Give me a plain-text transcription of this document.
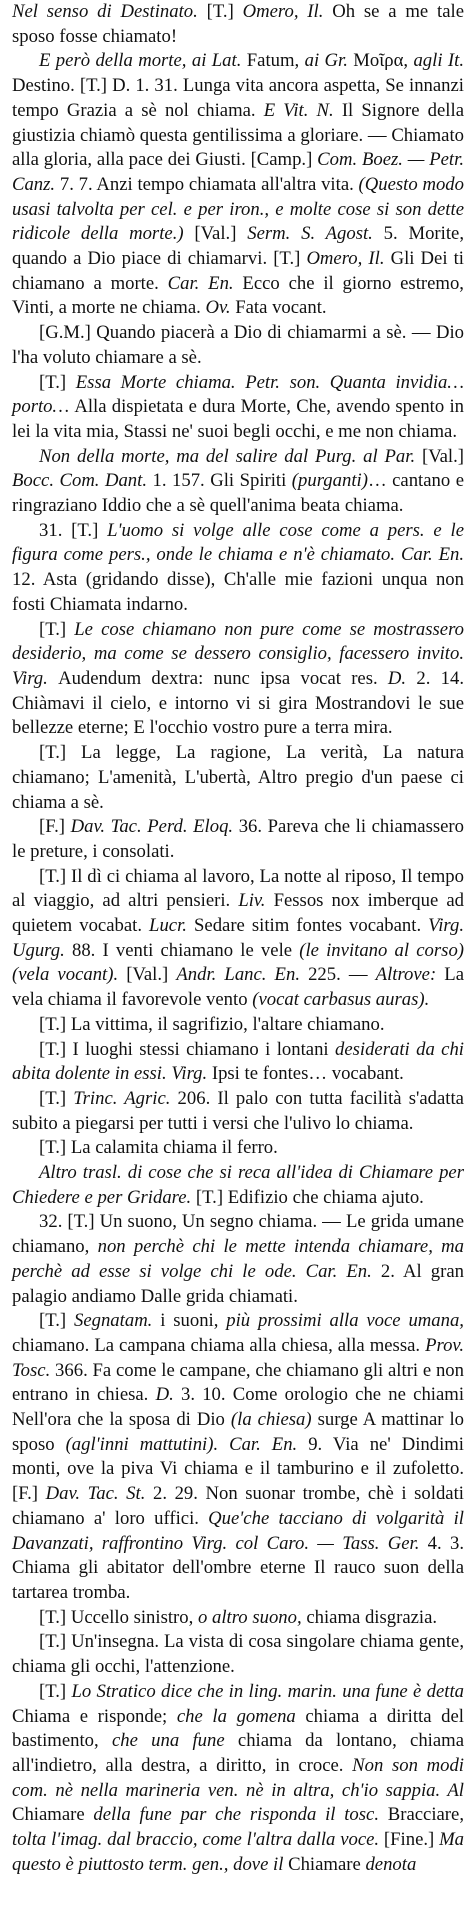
Nel senso di Destinato. [T.] Omero, Il. Oh se a me tale sposo fosse chiamato!

E però della morte, ai Lat. Fatum, ai Gr. Μοῖρα, agli It. Destino. [T.] D. 1. 31. Lunga vita ancora aspetta, Se innanzi tempo Grazia a sè nol chiama. E Vit. N. Il Signore della giustizia chiamò questa gentilissima a gloriare. — Chiamato alla gloria, alla pace dei Giusti. [Camp.] Com. Boez. — Petr. Canz. 7. 7. Anzi tempo chiamata all'altra vita. (Questo modo usasi talvolta per cel. e per iron., e molte cose si son dette ridicole della morte.) [Val.] Serm. S. Agost. 5. Morite, quando a Dio piace di chiamarvi. [T.] Omero, Il. Gli Dei ti chiamano a morte. Car. En. Ecco che il giorno estremo, Vinti, a morte ne chiama. Ov. Fata vocant.

[G.M.] Quando piacerà a Dio di chiamarmi a sè. — Dio l'ha voluto chiamare a sè.

[T.] Essa Morte chiama. Petr. son. Quanta invidia… porto… Alla dispietata e dura Morte, Che, avendo spento in lei la vita mia, Stassi ne' suoi begli occhi, e me non chiama.

Non della morte, ma del salire dal Purg. al Par. [Val.] Bocc. Com. Dant. 1. 157. Gli Spiriti (purganti)… cantano e ringraziano Iddio che a sè quell'anima beata chiama.

31. [T.] L'uomo si volge alle cose come a pers. e le figura come pers., onde le chiama e n'è chiamato. Car. En. 12. Asta (gridando disse), Ch'alle mie fazioni unqua non fosti Chiamata indarno.

[T.] Le cose chiamano non pure come se mostrassero desiderio, ma come se dessero consiglio, facessero invito. Virg. Audendum dextra: nunc ipsa vocat res. D. 2. 14. Chiàmavi il cielo, e intorno vi si gira Mostrandovi le sue bellezze eterne; E l'occhio vostro pure a terra mira.

[T.] La legge, La ragione, La verità, La natura chiamano; L'amenità, L'ubertà, Altro pregio d'un paese ci chiama a sè.

[F.] Dav. Tac. Perd. Eloq. 36. Pareva che li chiamassero le preture, i consolati.

[T.] Il dì ci chiama al lavoro, La notte al riposo, Il tempo al viaggio, ad altri pensieri. Liv. Fessos nox imberque ad quietem vocabat. Lucr. Sedare sitim fontes vocabant. Virg. Ugurg. 88. I venti chiamano le vele (le invitano al corso) (vela vocant). [Val.] Andr. Lanc. En. 225. — Altrove: La vela chiama il favorevole vento (vocat carbasus auras).

[T.] La vittima, il sagrifizio, l'altare chiamano.

[T.] I luoghi stessi chiamano i lontani desiderati da chi abita dolente in essi. Virg. Ipsi te fontes… vocabant.

[T.] Trinc. Agric. 206. Il palo con tutta facilità s'adatta subito a piegarsi per tutti i versi che l'ulivo lo chiama.

[T.] La calamita chiama il ferro.

Altro trasl. di cose che si reca all'idea di Chiamare per Chiedere e per Gridare. [T.] Edifizio che chiama ajuto.

32. [T.] Un suono, Un segno chiama. — Le grida umane chiamano, non perchè chi le mette intenda chiamare, ma perchè ad esse si volge chi le ode. Car. En. 2. Al gran palagio andiamo Dalle grida chiamati.

[T.] Segnatam. i suoni, più prossimi alla voce umana, chiamano. La campana chiama alla chiesa, alla messa. Prov. Tosc. 366. Fa come le campane, che chiamano gli altri e non entrano in chiesa. D. 3. 10. Come orologio che ne chiami Nell'ora che la sposa di Dio (la chiesa) surge A mattinar lo sposo (agl'inni mattutini). Car. En. 9. Via ne' Dindimi monti, ove la piva Vi chiama e il tamburino e il zufoletto. [F.] Dav. Tac. St. 2. 29. Non suonar trombe, chè i soldati chiamano a' loro uffici. Que'che tacciano di volgarità il Davanzati, raffrontino Virg. col Caro. — Tass. Ger. 4. 3. Chiama gli abitator dell'ombre eterne Il rauco suon della tartarea tromba.

[T.] Uccello sinistro, o altro suono, chiama disgrazia.

[T.] Un'insegna. La vista di cosa singolare chiama gente, chiama gli occhi, l'attenzione.

[T.] Lo Stratico dice che in ling. marin. una fune è detta Chiama e risponde; che la gomena chiama a diritta del bastimento, che una fune chiama da lontano, chiama all'indietro, alla destra, a diritto, in croce. Non son modi com. nè nella marineria ven. nè in altra, ch'io sappia. Al Chiamare della fune par che risponda il tosc. Bracciare, tolta l'imag. dal braccio, come l'altra dalla voce. [Fine.] Ma questo è piuttosto term. gen., dove il Chiamare denota
